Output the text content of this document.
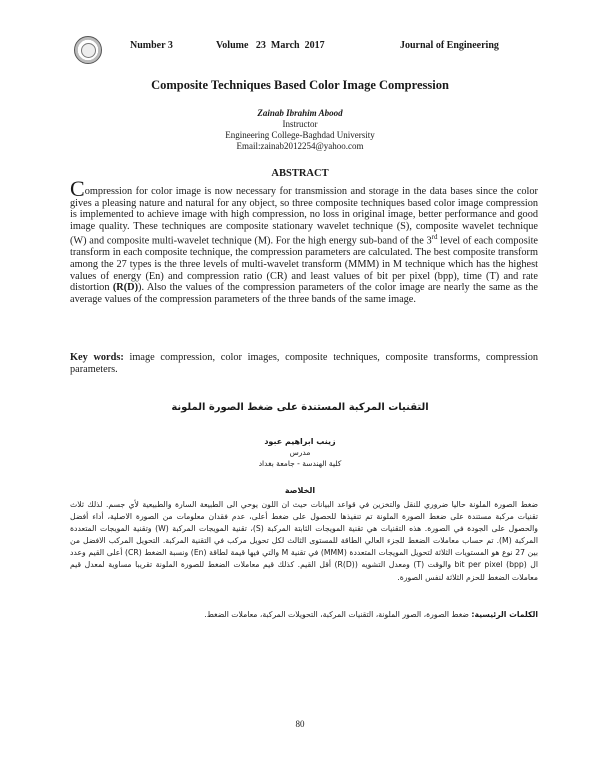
Number 3	Volume   23  March  2017	Journal of Engineering
Composite Techniques Based Color Image Compression
Zainab Ibrahim Abood
Instructor
Engineering College-Baghdad University
Email:zainab2012254@yahoo.com
ABSTRACT
Compression for color image is now necessary for transmission and storage in the data bases since the color gives a pleasing nature and natural for any object, so three composite techniques based color image compression is implemented to achieve image with high compression, no loss in original image, better performance and good image quality. These techniques are composite stationary wavelet technique (S), composite wavelet technique (W) and composite multi-wavelet technique (M). For the high energy sub-band of the 3rd level of each composite transform in each composite technique, the compression parameters are calculated. The best composite transform among the 27 types is the three levels of multi-wavelet transform (MMM) in M technique which has the highest values of energy (En) and compression ratio (CR) and least values of bit per pixel (bpp), time (T) and rate distortion (R(D)). Also the values of the compression parameters of the color image are nearly the same as the average values of the compression parameters of the three bands of the same image.
Key words: image compression, color images, composite techniques, composite transforms, compression parameters.
التقنيات المركبة المستندة على ضغط الصورة الملونة
زينب ابراهيم عبود
مدرس
كلية الهندسة - جامعة بغداد
الخلاصة
ضغط الصورة الملونة حاليا ضروري للنقل والتخزين في قواعد البيانات حيث ان اللون يوحي الى الطبيعة السارة والطبيعية لأي جسم. لذلك ثلاث تقنيات مركبة مستندة على ضغط الصورة الملونة تم تنفيذها للحصول على ضغط أعلى، عدم فقدان معلومات من الصورة الاصلية، أداء أفضل والحصول على الجودة في الصورة. هذه التقنيات هي تقنية المويجات الثابتة المركبة (S)، تقنية المويجات المركبة (W) وتقنية المويجات المتعددة المركبة (M). تم حساب معاملات الضغط للجزء العالي الطاقة للمستوى الثالث لكل تحويل مركب في التقنية المركبة. التحويل المركب الافضل من بين 27 نوع هو المستويات الثلاثة لتحويل المويجات المتعددة (MMM) في تقنية M والتي فيها قيمة لطاقة (En) ونسبة الضغط (CR) أعلى القيم وعدد ال bit per pixel (bpp) والوقت (T) ومعدل التشويه (R(D)) أقل القيم. كذلك قيم معاملات الضغط للصورة الملونة تقريبا مساوية لمعدل قيم معاملات الضغط للحزم الثلاثة لنفس الصورة.
الكلمات الرئيسية: ضغط الصورة، الصور الملونة، التقنيات المركبة، التحويلات المركبة، معاملات الضغط.
80
